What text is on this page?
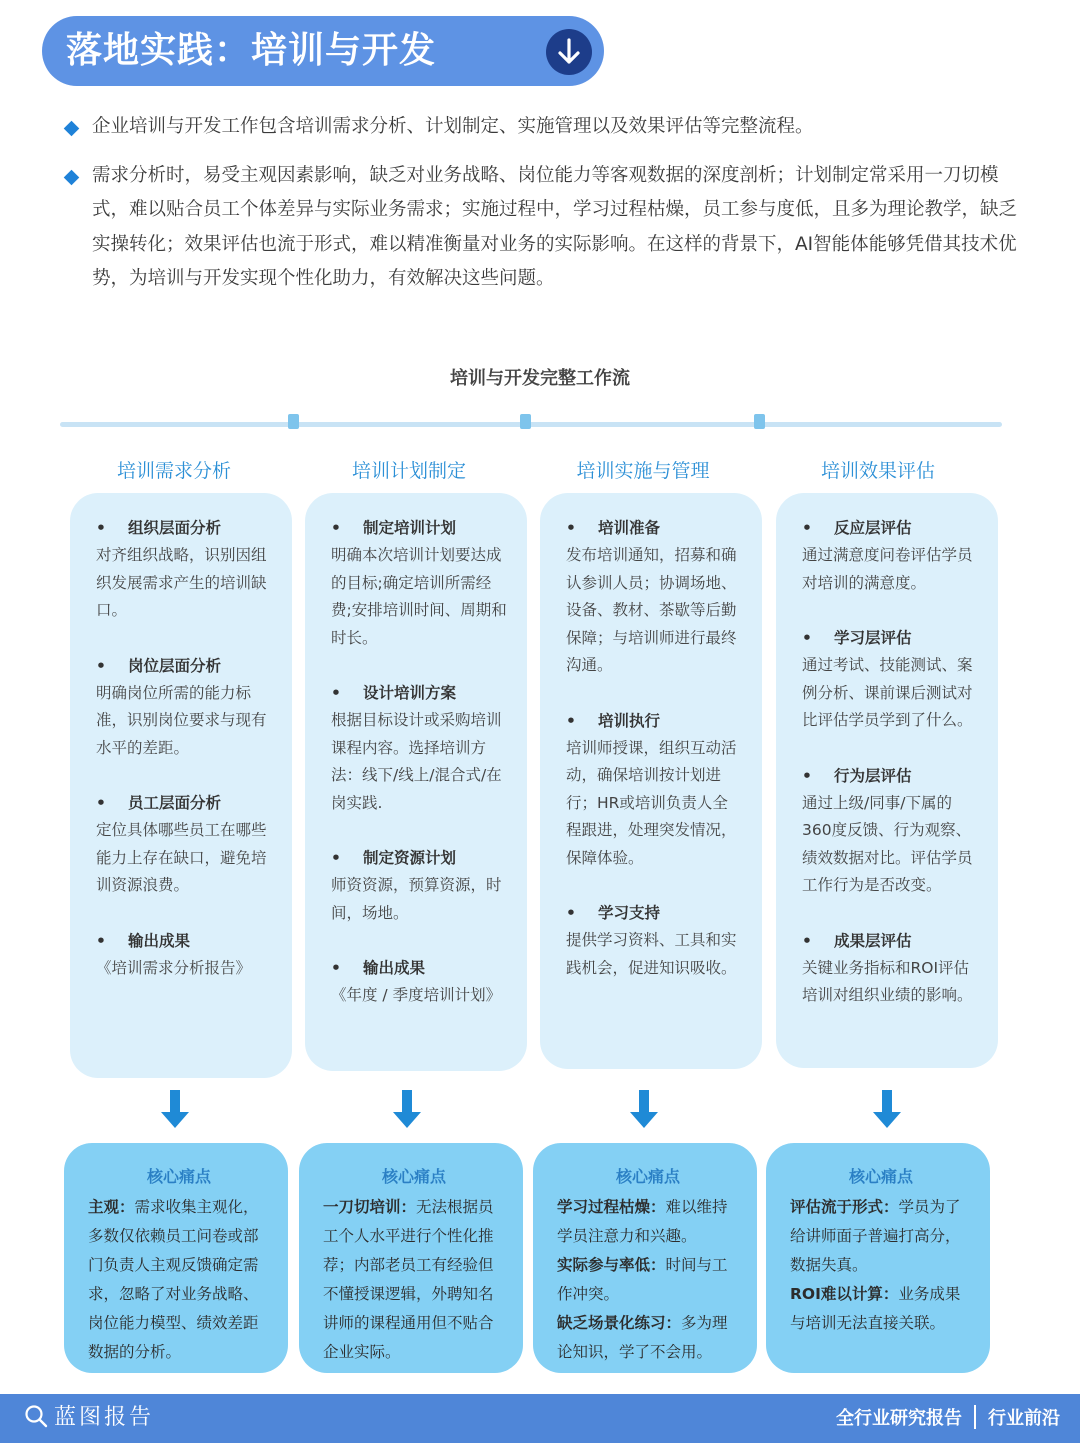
落地实践：培训与开发
企业培训与开发工作包含培训需求分析、计划制定、实施管理以及效果评估等完整流程。
需求分析时，易受主观因素影响，缺乏对业务战略、岗位能力等客观数据的深度剖析；计划制定常采用一刀切模式，难以贴合员工个体差异与实际业务需求；实施过程中，学习过程枯燥，员工参与度低，且多为理论教学，缺乏实操转化；效果评估也流于形式，难以精准衡量对业务的实际影响。在这样的背景下，AI智能体能够凭借其技术优势，为培训与开发实现个性化助力，有效解决这些问题。
培训与开发完整工作流
培训需求分析	培训计划制定	培训实施与管理	培训效果评估
• 组织层面分析
对齐组织战略，识别因组织发展需求产生的培训缺口。
• 岗位层面分析
明确岗位所需的能力标准，识别岗位要求与现有水平的差距。
• 员工层面分析
定位具体哪些员工在哪些能力上存在缺口，避免培训资源浪费。
• 输出成果
《培训需求分析报告》
• 制定培训计划
明确本次培训计划要达成的目标;确定培训所需经费;安排培训时间、周期和时长。
• 设计培训方案
根据目标设计或采购培训课程内容。选择培训方法：线下/线上/混合式/在岗实践.
• 制定资源计划
师资资源，预算资源，时间，场地。
• 输出成果
《年度 / 季度培训计划》
• 培训准备
发布培训通知，招募和确认参训人员；协调场地、设备、教材、茶歇等后勤保障；与培训师进行最终沟通。
• 培训执行
培训师授课，组织互动活动，确保培训按计划进行；HR或培训负责人全程跟进，处理突发情况，保障体验。
• 学习支持
提供学习资料、工具和实践机会，促进知识吸收。
• 反应层评估
通过满意度问卷评估学员对培训的满意度。
• 学习层评估
通过考试、技能测试、案例分析、课前课后测试对比评估学员学到了什么。
• 行为层评估
通过上级/同事/下属的360度反馈、行为观察、绩效数据对比。评估学员工作行为是否改变。
• 成果层评估
关键业务指标和ROI评估培训对组织业绩的影响。
核心痛点
主观：需求收集主观化，多数仅依赖员工问卷或部门负责人主观反馈确定需求，忽略了对业务战略、岗位能力模型、绩效差距数据的分析。
核心痛点
一刀切培训：无法根据员工个人水平进行个性化推荐；内部老员工有经验但不懂授课逻辑，外聘知名讲师的课程通用但不贴合企业实际。
核心痛点
学习过程枯燥：难以维持学员注意力和兴趣。
实际参与率低：时间与工作冲突。
缺乏场景化练习：多为理论知识，学了不会用。
核心痛点
评估流于形式：学员为了给讲师面子普遍打高分，数据失真。
ROI难以计算：业务成果与培训无法直接关联。
蓝图报告	全行业研究报告 行业前沿
